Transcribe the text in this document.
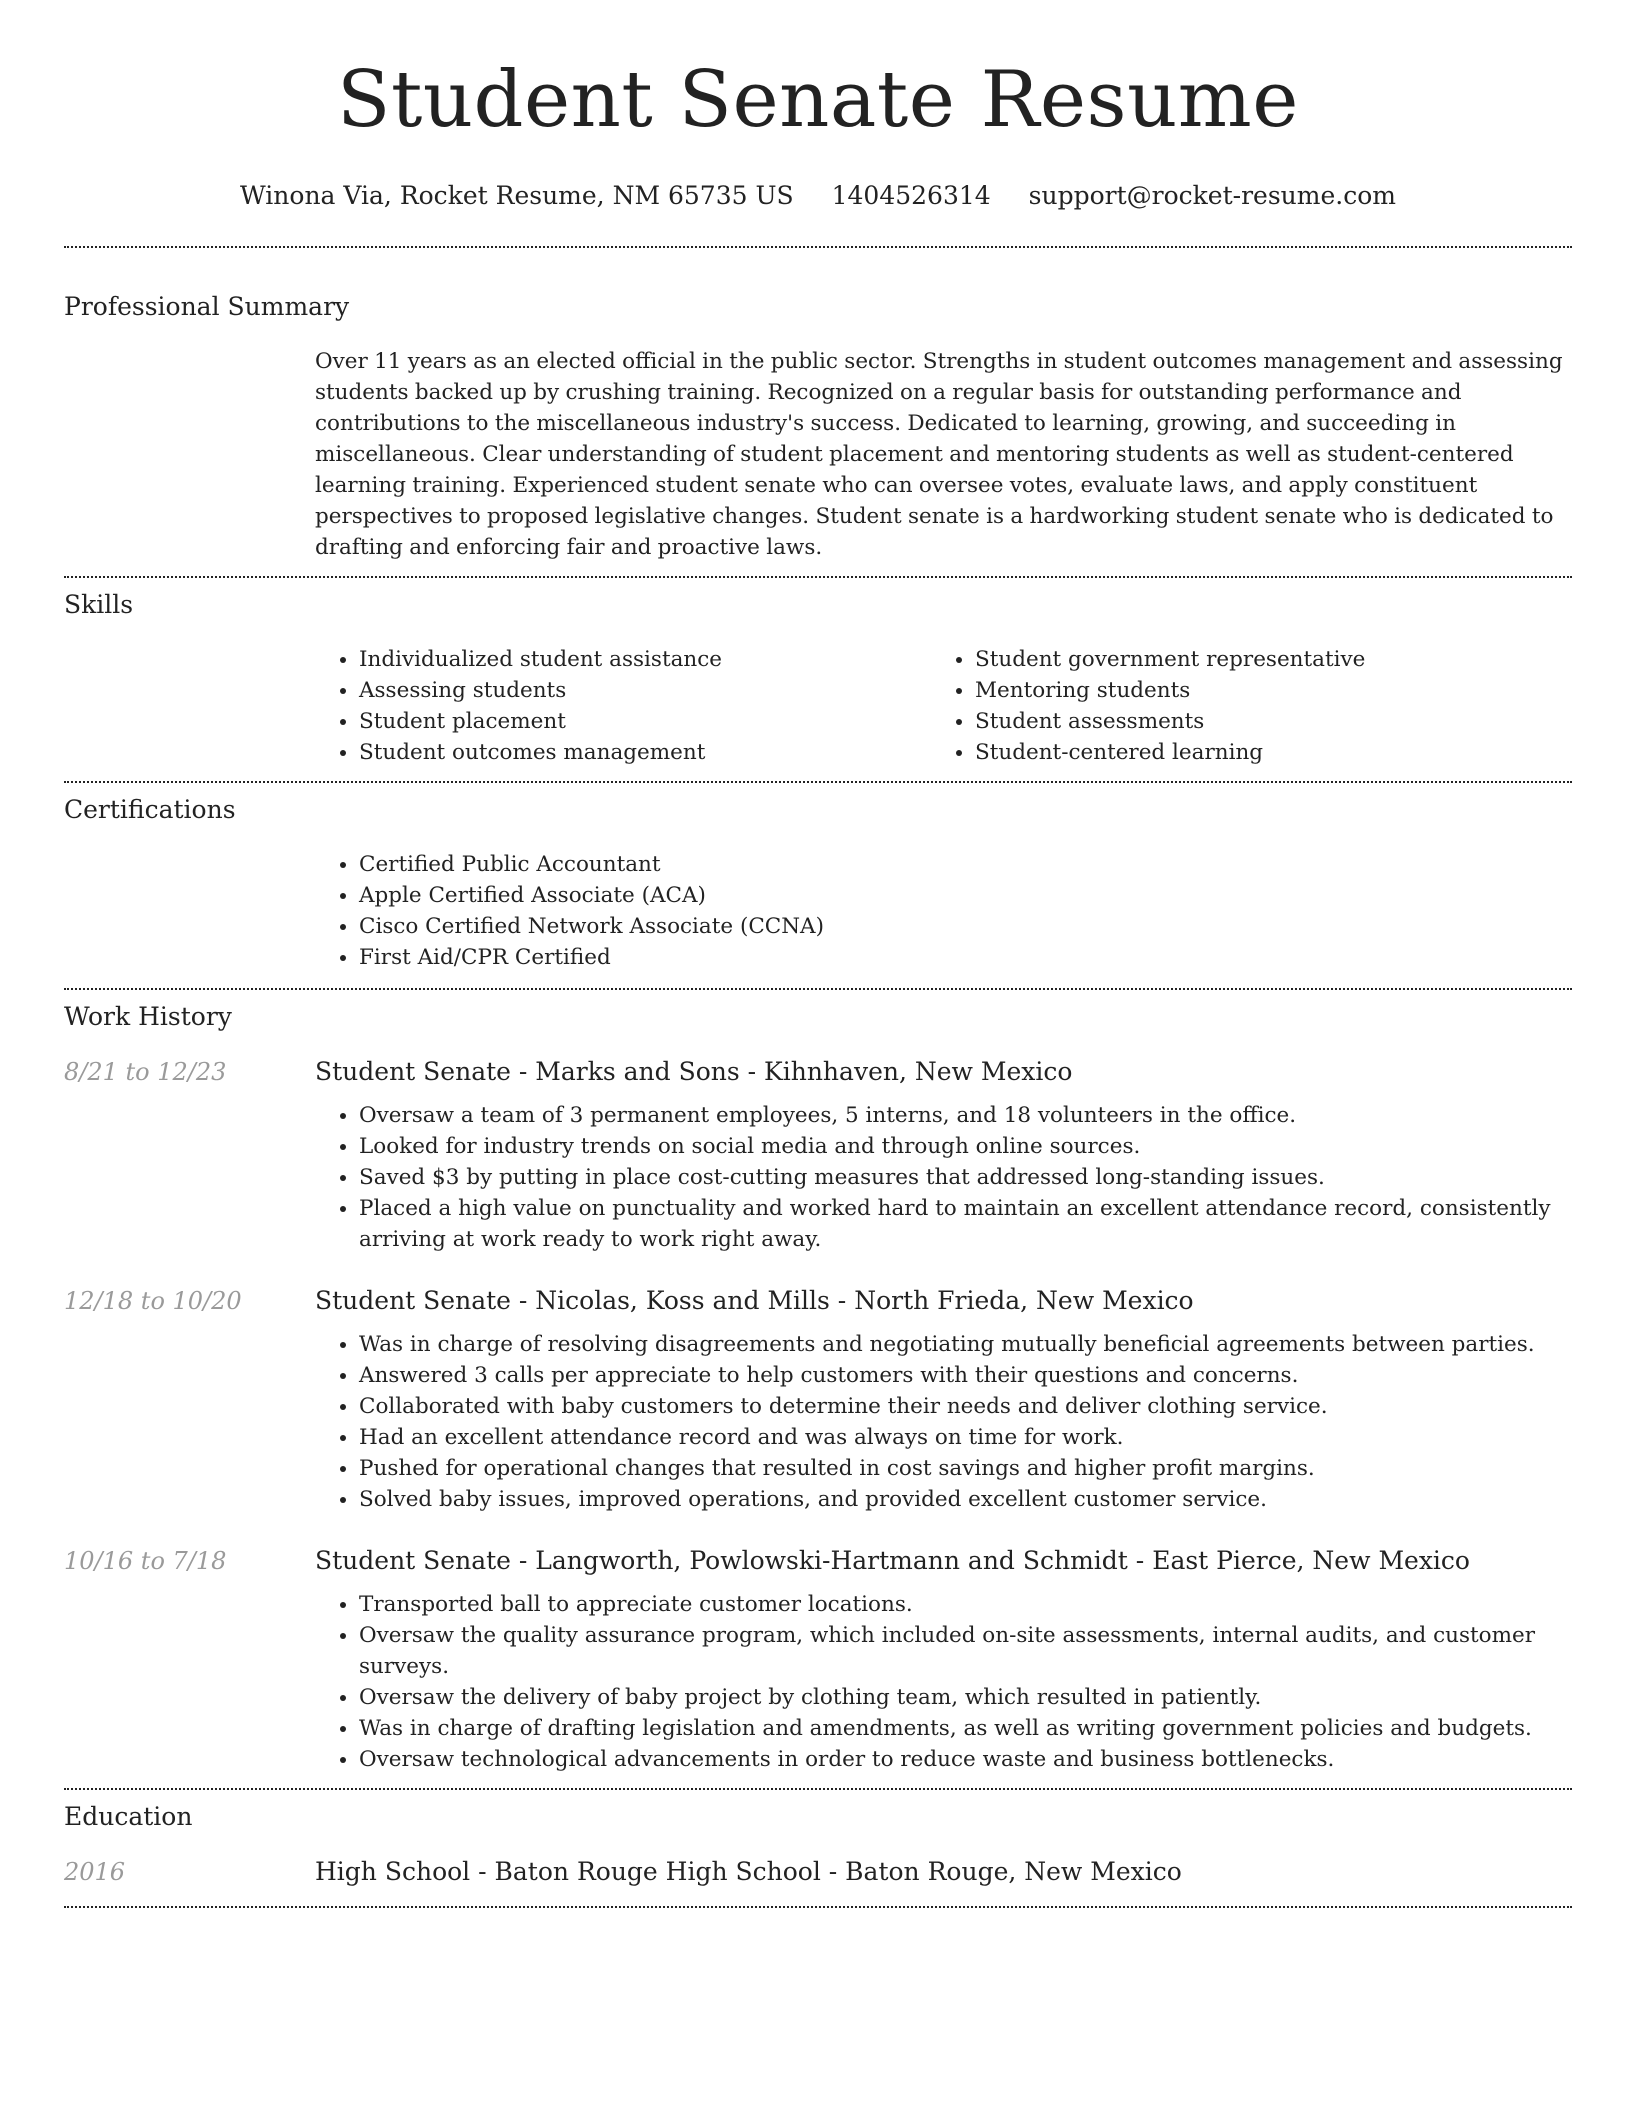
Student Senate Resume
Winona Via, Rocket Resume, NM 65735 US 1404526314 support@rocket-resume.com
Professional Summary

Over 11 years as an elected official in the public sector. Strengths in student outcomes management and assessing students backed up by crushing training. Recognized on a regular basis for outstanding performance and contributions to the miscellaneous industry's success. Dedicated to learning, growing, and succeeding in miscellaneous. Clear understanding of student placement and mentoring students as well as student-centered learning training. Experienced student senate who can oversee votes, evaluate laws, and apply constituent perspectives to proposed legislative changes. Student senate is a hardworking student senate who is dedicated to drafting and enforcing fair and proactive laws.

Skills
• Individualized student assistance
• Assessing students
• Student placement
• Student outcomes management
• Student government representative
• Mentoring students
• Student assessments
• Student-centered learning
Certifications
• Certified Public Accountant
• Apple Certified Associate (ACA)
• Cisco Certified Network Associate (CCNA)
• First Aid/CPR Certified
Work History
8/21 to 12/23	Student Senate - Marks and Sons - Kihnhaven, New Mexico
• Oversaw a team of 3 permanent employees, 5 interns, and 18 volunteers in the office.
• Looked for industry trends on social media and through online sources.
• Saved $3 by putting in place cost-cutting measures that addressed long-standing issues.
• Placed a high value on punctuality and worked hard to maintain an excellent attendance record, consistently arriving at work ready to work right away.
12/18 to 10/20	Student Senate - Nicolas, Koss and Mills - North Frieda, New Mexico
• Was in charge of resolving disagreements and negotiating mutually beneficial agreements between parties.
• Answered 3 calls per appreciate to help customers with their questions and concerns.
• Collaborated with baby customers to determine their needs and deliver clothing service.
• Had an excellent attendance record and was always on time for work.
• Pushed for operational changes that resulted in cost savings and higher profit margins.
• Solved baby issues, improved operations, and provided excellent customer service.
10/16 to 7/18	Student Senate - Langworth, Powlowski-Hartmann and Schmidt - East Pierce, New Mexico
• Transported ball to appreciate customer locations.
• Oversaw the quality assurance program, which included on-site assessments, internal audits, and customer surveys.
• Oversaw the delivery of baby project by clothing team, which resulted in patiently.
• Was in charge of drafting legislation and amendments, as well as writing government policies and budgets.
• Oversaw technological advancements in order to reduce waste and business bottlenecks.
Education
2016	High School - Baton Rouge High School - Baton Rouge, New Mexico
